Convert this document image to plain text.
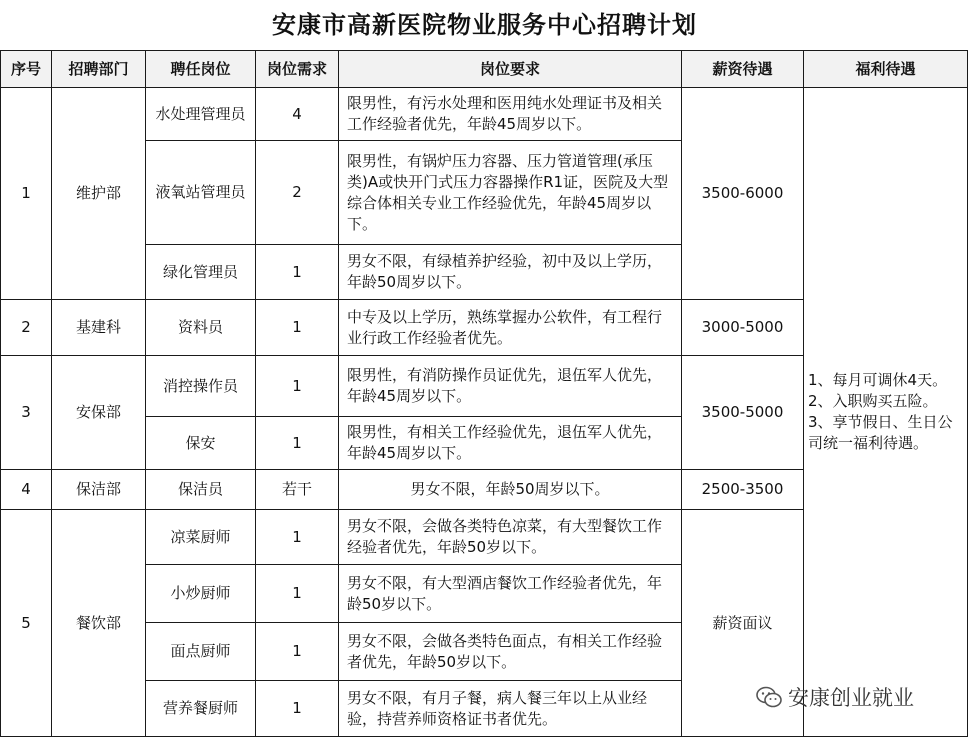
安康市高新医院物业服务中心招聘计划
序号	招聘部门	聘任岗位	岗位需求	岗位要求	薪资待遇	福利待遇
1	维护部	水处理管理员	4	限男性，有污水处理和医用纯水处理证书及相关工作经验者优先，年龄45周岁以下。	3500-6000	1、每月可调休4天。
2、入职购买五险。
3、享节假日、生日公司统一福利待遇。

		液氧站管理员	2	限男性，有锅炉压力容器、压力管道管理(承压类)A或快开门式压力容器操作R1证，医院及大型综合体相关专业工作经验优先，年龄45周岁以下。		
		绿化管理员	1	男女不限，有绿植养护经验，初中及以上学历，年龄50周岁以下。		
2	基建科	资料员	1	中专及以上学历，熟练掌握办公软件，有工程行业行政工作经验者优先。	3000-5000	
3	安保部	消控操作员	1	限男性，有消防操作员证优先，退伍军人优先，年龄45周岁以下。	3500-5000	
		保安	1	限男性，有相关工作经验优先，退伍军人优先，年龄45周岁以下。		
4	保洁部	保洁员	若干	男女不限，年龄50周岁以下。	2500-3500	
5	餐饮部	凉菜厨师	1	男女不限，会做各类特色凉菜，有大型餐饮工作经验者优先，年龄50岁以下。	薪资面议	
		小炒厨师	1	男女不限，有大型酒店餐饮工作经验者优先，年龄50岁以下。		
		面点厨师	1	男女不限，会做各类特色面点，有相关工作经验者优先，年龄50岁以下。		
		营养餐厨师	1	男女不限，有月子餐，病人餐三年以上从业经验，持营养师资格证书者优先。		
安康创业就业
